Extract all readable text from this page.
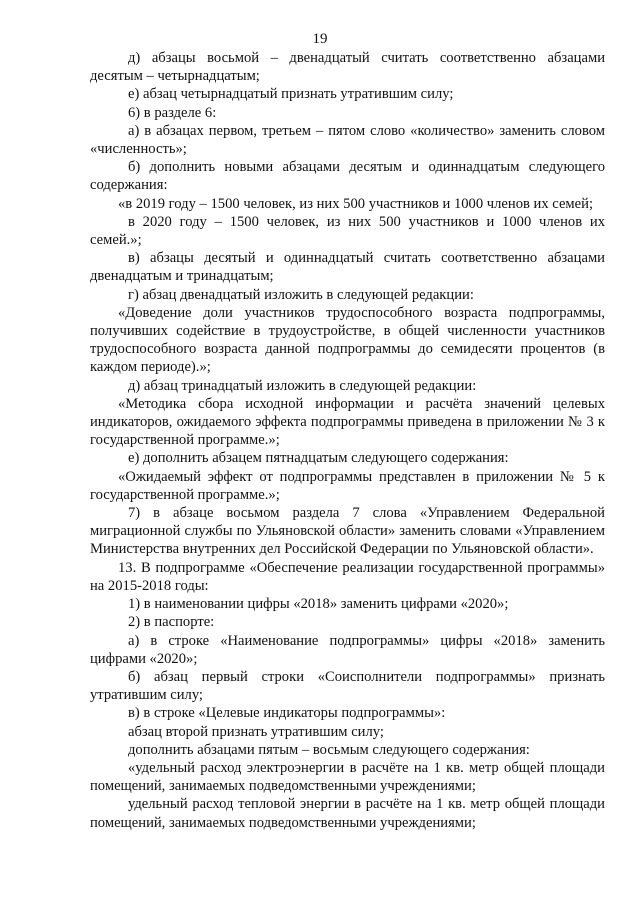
19

д) абзацы восьмой – двенадцатый считать соответственно абзацами десятым – четырнадцатым;

е) абзац четырнадцатый признать утратившим силу;

6) в разделе 6:

а) в абзацах первом, третьем – пятом слово «количество» заменить словом «численность»;

б) дополнить новыми абзацами десятым и одиннадцатым следующего содержания:

«в 2019 году – 1500 человек, из них 500 участников и 1000 членов их семей;

в 2020 году – 1500 человек, из них 500 участников и 1000 членов их семей.»;

в) абзацы десятый и одиннадцатый считать соответственно абзацами двенадцатым и тринадцатым;

г) абзац двенадцатый изложить в следующей редакции:

«Доведение доли участников трудоспособного возраста подпрограммы, получивших содействие в трудоустройстве, в общей численности участников трудоспособного возраста данной подпрограммы до семидесяти процентов (в каждом периоде).»;

д) абзац тринадцатый изложить в следующей редакции:

«Методика сбора исходной информации и расчёта значений целевых индикаторов, ожидаемого эффекта подпрограммы приведена в приложении № 3 к государственной программе.»;

е) дополнить абзацем пятнадцатым следующего содержания:

«Ожидаемый эффект от подпрограммы представлен в приложении № 5 к государственной программе.»;

7) в абзаце восьмом раздела 7 слова «Управлением Федеральной миграционной службы по Ульяновской области» заменить словами «Управлением Министерства внутренних дел Российской Федерации по Ульяновской области».

13. В подпрограмме «Обеспечение реализации государственной программы» на 2015-2018 годы:

1) в наименовании цифры «2018» заменить цифрами «2020»;

2) в паспорте:

а) в строке «Наименование подпрограммы» цифры «2018» заменить цифрами «2020»;

б) абзац первый строки «Соисполнители подпрограммы» признать утратившим силу;

в) в строке «Целевые индикаторы подпрограммы»:

абзац второй признать утратившим силу;

дополнить абзацами пятым – восьмым следующего содержания:

«удельный расход электроэнергии в расчёте на 1 кв. метр общей площади помещений, занимаемых подведомственными учреждениями;

удельный расход тепловой энергии в расчёте на 1 кв. метр общей площади помещений, занимаемых подведомственными учреждениями;
